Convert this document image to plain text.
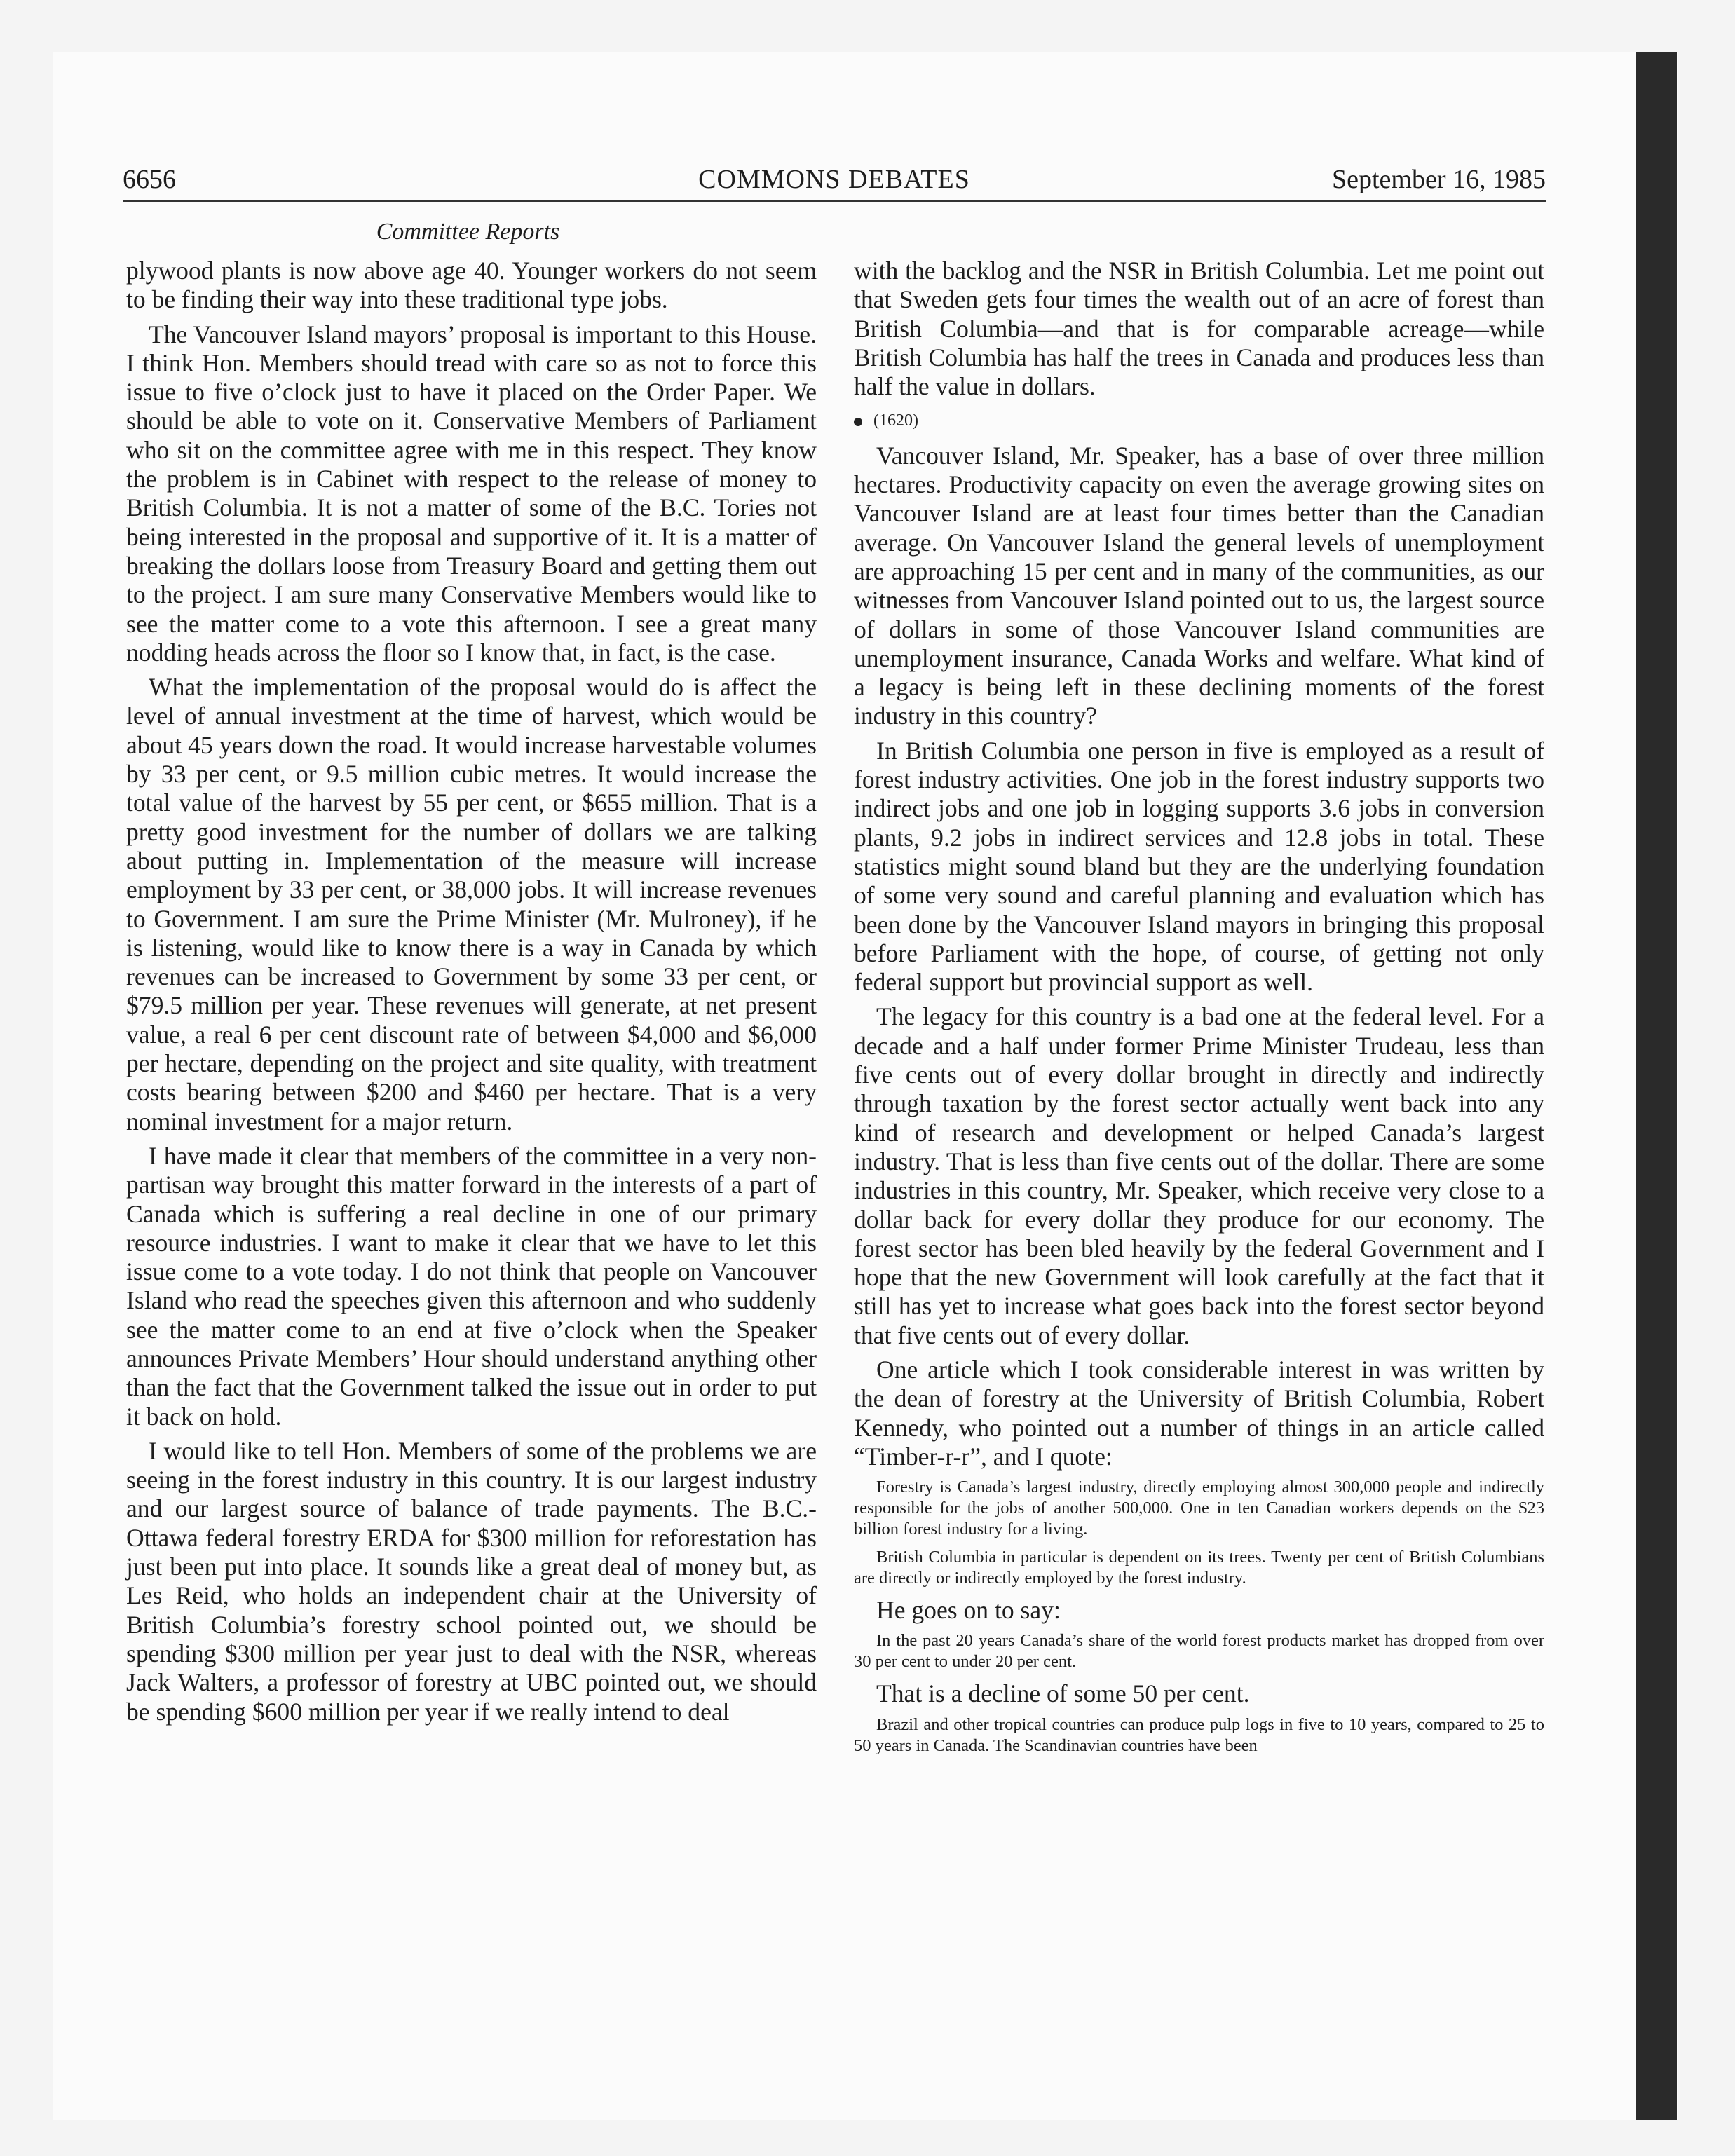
6656	COMMONS DEBATES	September 16, 1985
Committee Reports

plywood plants is now above age 40. Younger workers do not seem to be finding their way into these traditional type jobs.

The Vancouver Island mayors’ proposal is important to this House. I think Hon. Members should tread with care so as not to force this issue to five o’clock just to have it placed on the Order Paper. We should be able to vote on it. Conservative Members of Parliament who sit on the committee agree with me in this respect. They know the problem is in Cabinet with respect to the release of money to British Columbia. It is not a matter of some of the B.C. Tories not being interested in the proposal and supportive of it. It is a matter of breaking the dollars loose from Treasury Board and getting them out to the project. I am sure many Conservative Members would like to see the matter come to a vote this afternoon. I see a great many nodding heads across the floor so I know that, in fact, is the case.

What the implementation of the proposal would do is affect the level of annual investment at the time of harvest, which would be about 45 years down the road. It would increase harvestable volumes by 33 per cent, or 9.5 million cubic metres. It would increase the total value of the harvest by 55 per cent, or $655 million. That is a pretty good investment for the number of dollars we are talking about putting in. Implementation of the measure will increase employment by 33 per cent, or 38,000 jobs. It will increase revenues to Government. I am sure the Prime Minister (Mr. Mulroney), if he is listening, would like to know there is a way in Canada by which revenues can be increased to Government by some 33 per cent, or $79.5 million per year. These revenues will generate, at net present value, a real 6 per cent discount rate of between $4,000 and $6,000 per hectare, depending on the project and site quality, with treatment costs bearing between $200 and $460 per hectare. That is a very nominal investment for a major return.

I have made it clear that members of the committee in a very non-partisan way brought this matter forward in the interests of a part of Canada which is suffering a real decline in one of our primary resource industries. I want to make it clear that we have to let this issue come to a vote today. I do not think that people on Vancouver Island who read the speeches given this afternoon and who suddenly see the matter come to an end at five o’clock when the Speaker announces Private Members’ Hour should understand anything other than the fact that the Government talked the issue out in order to put it back on hold.

I would like to tell Hon. Members of some of the problems we are seeing in the forest industry in this country. It is our largest industry and our largest source of balance of trade payments. The B.C.-Ottawa federal forestry ERDA for $300 million for reforestation has just been put into place. It sounds like a great deal of money but, as Les Reid, who holds an independent chair at the University of British Columbia’s forestry school pointed out, we should be spending $300 million per year just to deal with the NSR, whereas Jack Walters, a professor of forestry at UBC pointed out, we should be spending $600 million per year if we really intend to deal

with the backlog and the NSR in British Columbia. Let me point out that Sweden gets four times the wealth out of an acre of forest than British Columbia—and that is for comparable acreage—while British Columbia has half the trees in Canada and produces less than half the value in dollars.

(1620)

Vancouver Island, Mr. Speaker, has a base of over three million hectares. Productivity capacity on even the average growing sites on Vancouver Island are at least four times better than the Canadian average. On Vancouver Island the general levels of unemployment are approaching 15 per cent and in many of the communities, as our witnesses from Vancouver Island pointed out to us, the largest source of dollars in some of those Vancouver Island communities are unemployment insurance, Canada Works and welfare. What kind of a legacy is being left in these declining moments of the forest industry in this country?

In British Columbia one person in five is employed as a result of forest industry activities. One job in the forest industry supports two indirect jobs and one job in logging supports 3.6 jobs in conversion plants, 9.2 jobs in indirect services and 12.8 jobs in total. These statistics might sound bland but they are the underlying foundation of some very sound and careful planning and evaluation which has been done by the Vancouver Island mayors in bringing this proposal before Parliament with the hope, of course, of getting not only federal support but provincial support as well.

The legacy for this country is a bad one at the federal level. For a decade and a half under former Prime Minister Trudeau, less than five cents out of every dollar brought in directly and indirectly through taxation by the forest sector actually went back into any kind of research and development or helped Canada’s largest industry. That is less than five cents out of the dollar. There are some industries in this country, Mr. Speaker, which receive very close to a dollar back for every dollar they produce for our economy. The forest sector has been bled heavily by the federal Government and I hope that the new Government will look carefully at the fact that it still has yet to increase what goes back into the forest sector beyond that five cents out of every dollar.

One article which I took considerable interest in was written by the dean of forestry at the University of British Columbia, Robert Kennedy, who pointed out a number of things in an article called “Timber-r-r”, and I quote:

Forestry is Canada’s largest industry, directly employing almost 300,000 people and indirectly responsible for the jobs of another 500,000. One in ten Canadian workers depends on the $23 billion forest industry for a living.

British Columbia in particular is dependent on its trees. Twenty per cent of British Columbians are directly or indirectly employed by the forest industry.

He goes on to say:

In the past 20 years Canada’s share of the world forest products market has dropped from over 30 per cent to under 20 per cent.

That is a decline of some 50 per cent.

Brazil and other tropical countries can produce pulp logs in five to 10 years, compared to 25 to 50 years in Canada. The Scandinavian countries have been
